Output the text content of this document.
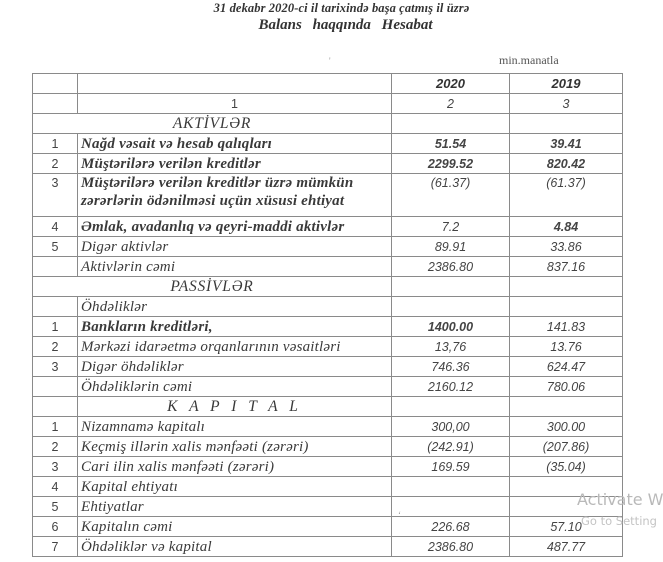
31 dekabr 2020-ci il tarixində başa çatmış il üzrə
Balans haqqında Hesabat
min.manatla
'
		2020	2019
	1	2	3
AKTİVLƏR			
1	Nağd vəsait və hesab qalıqları	51.54	39.41
2	Müştərilərə verilən kreditlər	2299.52	820.42
3	Müştərilərə verilən kreditlər üzrə mümkün zərərlərin ödənilməsi uçün xüsusi ehtiyat	(61.37)	(61.37)
4	Əmlak, avadanlıq və qeyri-maddi aktivlər	7.2	4.84
5	Digər aktivlər	89.91	33.86
	Aktivlərin cəmi	2386.80	837.16
PASSİVLƏR			
	Öhdəliklər		
1	Bankların kreditləri,	1400.00	141.83
2	Mərkəzi idarəetmə orqanlarının vəsaitləri	13,76	13.76
3	Digər öhdəliklər	746.36	624.47
	Öhdəliklərin cəmi	2160.12	780.06
	K A P I T A L		
1	Nizamnamə kapitalı	300,00	300.00
2	Keçmiş illərin xalis mənfəəti (zərəri)	(242.91)	(207.86)
3	Cari ilin xalis mənfəəti (zərəri)	169.59	(35.04)
4	Kapital ehtiyatı		
5	Ehtiyatlar		
6	Kapitalın cəmi	226.68	57.10
7	Öhdəliklər və kapital	2386.80	487.77
‘
Activate W
Go to Setting
